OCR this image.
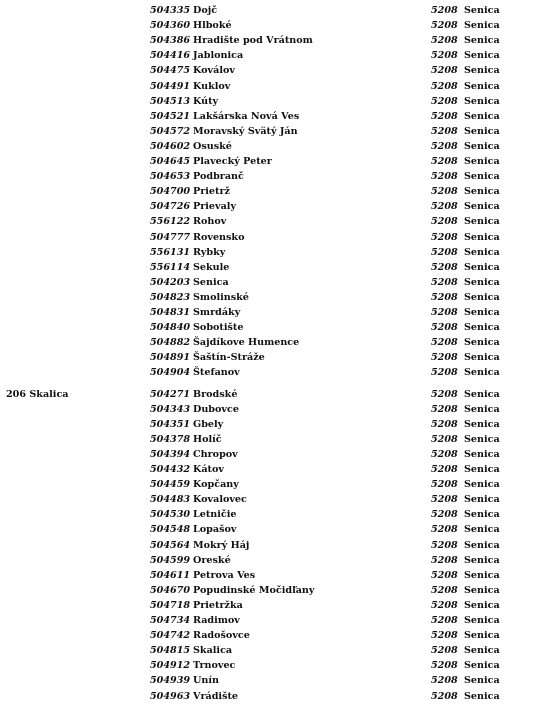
504335 Dojč	5208 Senica
504360 Hlboké	5208 Senica
504386 Hradište pod Vrátnom	5208 Senica
504416 Jablonica	5208 Senica
504475 Koválov	5208 Senica
504491 Kuklov	5208 Senica
504513 Kúty	5208 Senica
504521 Lakšárska Nová Ves	5208 Senica
504572 Moravský Svätý Ján	5208 Senica
504602 Osuské	5208 Senica
504645 Plavecký Peter	5208 Senica
504653 Podbranč	5208 Senica
504700 Prietrž	5208 Senica
504726 Prievaly	5208 Senica
556122 Rohov	5208 Senica
504777 Rovensko	5208 Senica
556131 Rybky	5208 Senica
556114 Sekule	5208 Senica
504203 Senica	5208 Senica
504823 Smolinské	5208 Senica
504831 Smrdáky	5208 Senica
504840 Sobotište	5208 Senica
504882 Šajdíkove Humence	5208 Senica
504891 Šaštín-Stráže	5208 Senica
504904 Štefanov	5208 Senica
206 Skalica	504271 Brodské	5208 Senica
504343 Dubovce	5208 Senica
504351 Gbely	5208 Senica
504378 Holíč	5208 Senica
504394 Chropov	5208 Senica
504432 Kátov	5208 Senica
504459 Kopčany	5208 Senica
504483 Kovalovec	5208 Senica
504530 Letničie	5208 Senica
504548 Lopašov	5208 Senica
504564 Mokrý Háj	5208 Senica
504599 Oreské	5208 Senica
504611 Petrova Ves	5208 Senica
504670 Popudinské Močidľany	5208 Senica
504718 Prietržka	5208 Senica
504734 Radimov	5208 Senica
504742 Radošovce	5208 Senica
504815 Skalica	5208 Senica
504912 Trnovec	5208 Senica
504939 Unín	5208 Senica
504963 Vrádište	5208 Senica
